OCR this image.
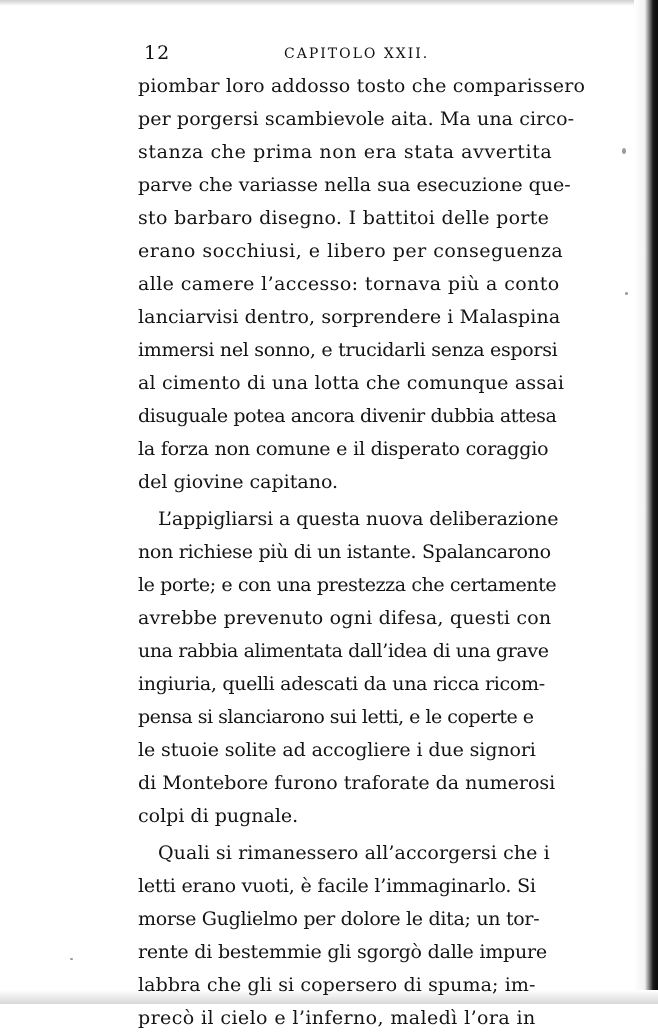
12	CAPITOLO XXII.
piombar loro addosso tosto che comparissero
per porgersi scambievole aita. Ma una circo-
stanza che prima non era stata avvertita
parve che variasse nella sua esecuzione que-
sto barbaro disegno. I battitoi delle porte
erano socchiusi, e libero per conseguenza
alle camere l’accesso: tornava più a conto
lanciarvisi dentro, sorprendere i Malaspina
immersi nel sonno, e trucidarli senza esporsi
al cimento di una lotta che comunque assai
disuguale potea ancora divenir dubbia attesa
la forza non comune e il disperato coraggio
del giovine capitano.
L’appigliarsi a questa nuova deliberazione
non richiese più di un istante. Spalancarono
le porte; e con una prestezza che certamente
avrebbe prevenuto ogni difesa, questi con
una rabbia alimentata dall’idea di una grave
ingiuria, quelli adescati da una ricca ricom-
pensa si slanciarono sui letti, e le coperte e
le stuoie solite ad accogliere i due signori
di Montebore furono traforate da numerosi
colpi di pugnale.
Quali si rimanessero all’accorgersi che i
letti erano vuoti, è facile l’immaginarlo. Si
morse Guglielmo per dolore le dita; un tor-
rente di bestemmie gli sgorgò dalle impure
labbra che gli si copersero di spuma; im-
precò il cielo e l’inferno, maledì l’ora in
